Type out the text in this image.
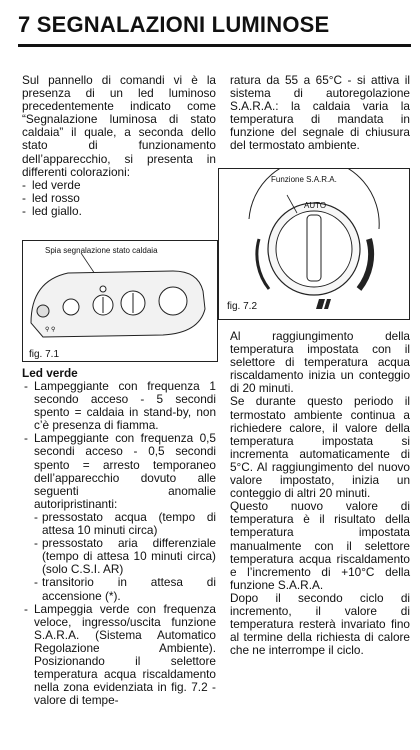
7 SEGNALAZIONI LUMINOSE

Sul pannello di comandi vi è la presenza di un led luminoso precedentemente indicato come “Segnalazione luminosa di stato caldaia” il quale, a seconda dello stato di funzionamento dell’apparecchio, si presenta in differenti colorazioni:

- led verde
- led rosso
- led giallo.
Spia segnalazione stato caldaia
⚲ ⚲
fig. 7.1
Led verde
- Lampeggiante con frequenza 1 secondo acceso - 5 secondi spento = caldaia in stand-by, non c’è presenza di fiamma.
- Lampeggiante con frequenza 0,5 secondi acceso - 0,5 secondi spento = arresto temporaneo dell’apparecchio dovuto alle seguenti anomalie autoripristinanti:
- pressostato acqua (tempo di attesa 10 minuti circa)
- pressostato aria differenziale (tempo di attesa 10 minuti circa) (solo C.S.I. AR)
- transitorio in attesa di accensione (*).
- Lampeggia verde con frequenza veloce, ingresso/uscita funzione S.A.R.A. (Sistema Automatico Regolazione Ambiente). Posizionando il selettore temperatura acqua riscaldamento nella zona evidenziata in fig. 7.2 - valore di tempe-

ratura da 55 a 65°C - si attiva il sistema di autoregolazione S.A.R.A.: la caldaia varia la temperatura di mandata in funzione del segnale di chiusura del termostato ambiente.

Funzione S.A.R.A.
AUTO
fig. 7.2

Al raggiungimento della temperatura impostata con il selettore di temperatura acqua riscaldamento inizia un conteggio di 20 minuti.

Se durante questo periodo il termostato ambiente continua a richiedere calore, il valore della temperatura impostata si incrementa automaticamente di 5°C. Al raggiungimento del nuovo valore impostato, inizia un conteggio di altri 20 minuti.

Questo nuovo valore di temperatura è il risultato della temperatura impostata manualmente con il selettore temperatura acqua riscaldamento e l’incremento di +10°C della funzione S.A.R.A.

Dopo il secondo ciclo di incremento, il valore di temperatura resterà invariato fino al termine della richiesta di calore che ne interrompe il ciclo.
